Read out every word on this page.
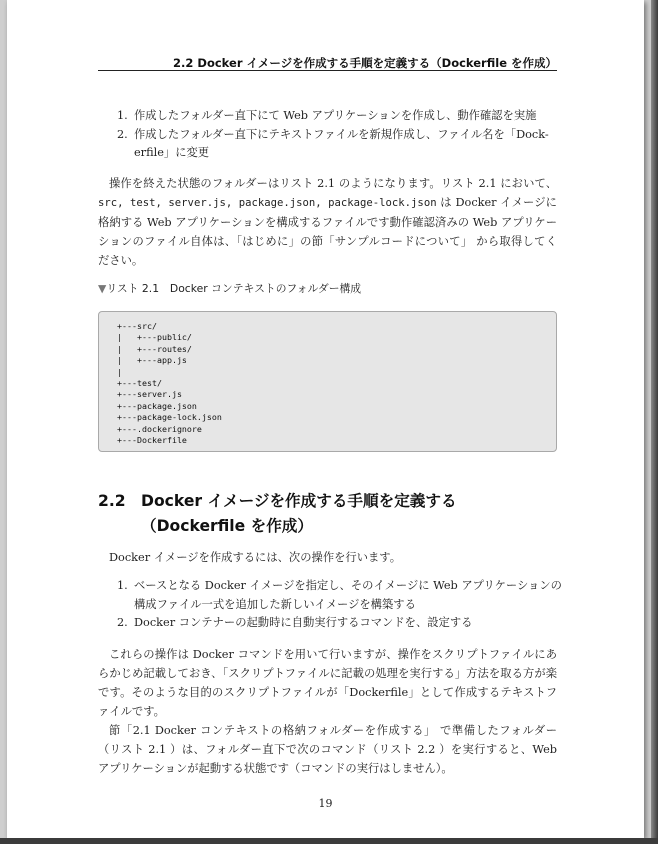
2.2 Docker イメージを作成する手順を定義する（Dockerfile を作成）
1. 作成したフォルダー直下にて Web アプリケーションを作成し、動作確認を実施
2. 作成したフォルダー直下にテキストファイルを新規作成し、ファイル名を「Dock-erfile」に変更
操作を終えた状態のフォルダーはリスト 2.1 のようになります。リスト 2.1 において、src, test, server.js, package.json, package-lock.json は Docker イメージに格納する Web アプリケーションを構成するファイルです動作確認済みの Web アプリケーションのファイル自体は、「はじめに」の節「サンプルコードについて」 から取得してください。
▼リスト 2.1　Docker コンテキストのフォルダー構成
+---src/
|   +---public/
|   +---routes/
|   +---app.js
|
+---test/
+---server.js
+---package.json
+---package-lock.json
+---.dockerignore
+---Dockerfile
2.2 Docker イメージを作成する手順を定義する
（Dockerfile を作成）
Docker イメージを作成するには、次の操作を行います。
1. ベースとなる Docker イメージを指定し、そのイメージに Web アプリケーションの構成ファイル一式を追加した新しいイメージを構築する
2. Docker コンテナーの起動時に自動実行するコマンドを、設定する
これらの操作は Docker コマンドを用いて行いますが、操作をスクリプトファイルにあらかじめ記載しておき、「スクリプトファイルに記載の処理を実行する」方法を取る方が楽です。そのような目的のスクリプトファイルが「Dockerfile」として作成するテキストファイルです。
節「2.1 Docker コンテキストの格納フォルダーを作成する」 で準備したフォルダー（リスト 2.1 ）は、フォルダー直下で次のコマンド（リスト 2.2 ）を実行すると、Web アプリケーションが起動する状態です（コマンドの実行はしません）。
19
